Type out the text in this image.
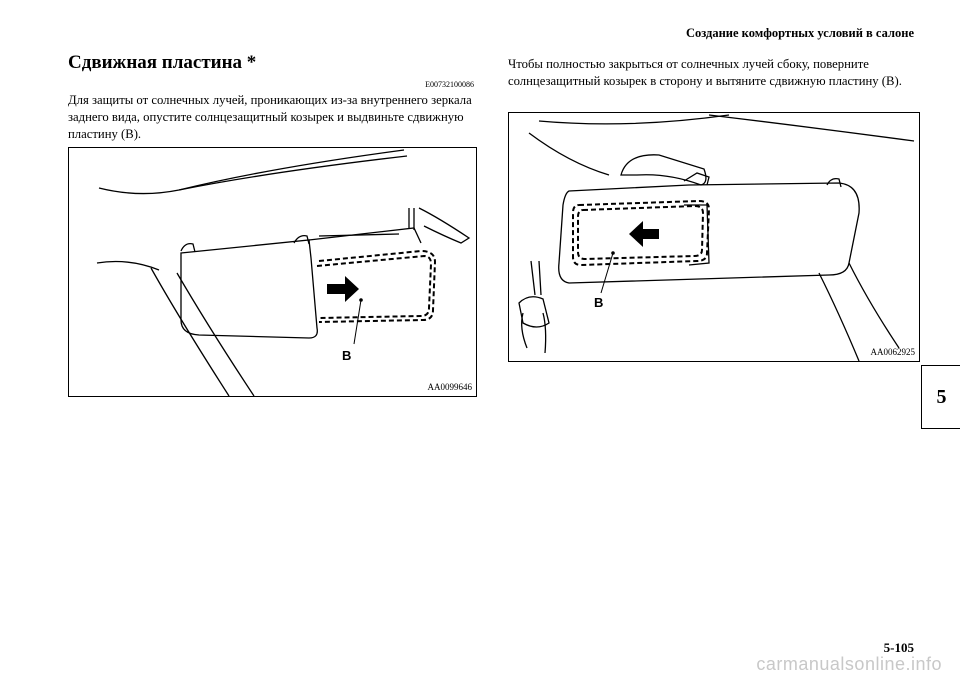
Создание комфортных условий в салоне
Сдвижная пластина *
E00732100086
Для защиты от солнечных лучей, проникающих из-за внутреннего зеркала заднего вида, опустите солнцезащитный козырек и выдвиньте сдвижную пластину (B).
Чтобы полностью закрыться от солнечных лучей сбоку, поверните солнцезащитный козырек в сторону и вытяните сдвижную пластину (B).
B
AA0099646
B
AA0062925
5
5-105
carmanualsonline.info
